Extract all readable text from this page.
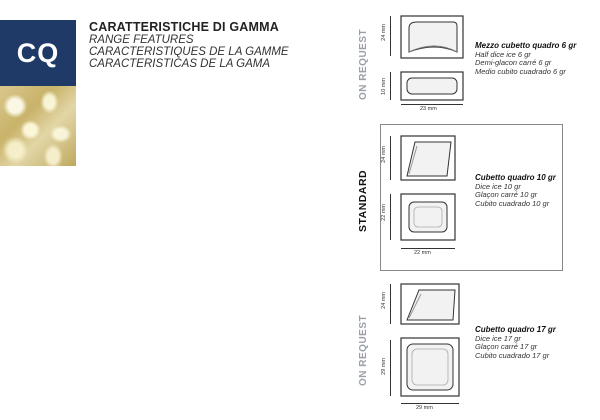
CQ
CARATTERISTICHE DI GAMMA
RANGE FEATURES
CARACTERISTIQUES DE LA GAMME
CARACTERISTICAS DE LA GAMA	ON REQUEST
STANDARD
ON REQUEST
24 mm
10 mm
23 mm
Mezzo cubetto quadro 6 gr
Half dice ice 6 gr
Demi-glacon carré 6 gr
Medio cubito cuadrado 6 gr
24 mm
22 mm
22 mm
Cubetto quadro 10 gr
Dice ice 10 gr
Glaçon carré 10 gr
Cubito cuadrado 10 gr
24 mm
29 mm
29 mm
Cubetto quadro 17 gr
Dice ice 17 gr
Glaçon carré 17 gr
Cubito cuadrado 17 gr
